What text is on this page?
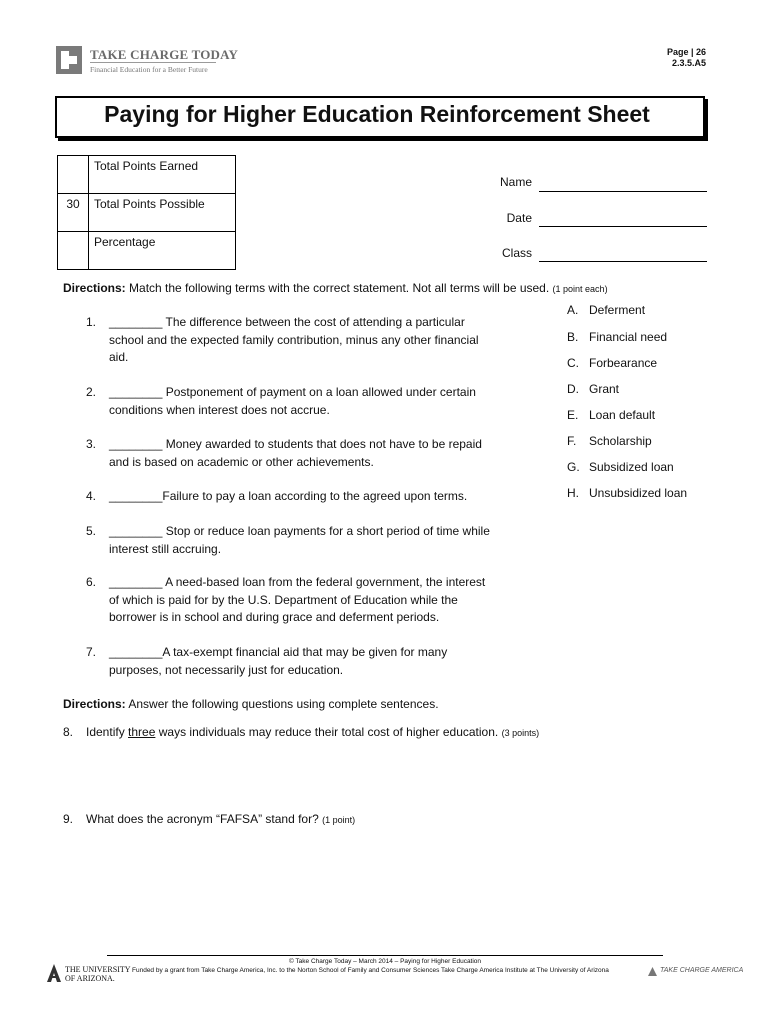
TAKE CHARGE TODAY
Financial Education for a Better Future
Page | 26
2.3.5.A5
Paying for Higher Education Reinforcement Sheet
	Total Points Earned
30	Total Points Possible
	Percentage
Name
Date
Class
Directions: Match the following terms with the correct statement. Not all terms will be used. (1 point each)
1. ________ The difference between the cost of attending a particular
school and the expected family contribution, minus any other financial
aid.
2. ________ Postponement of payment on a loan allowed under certain
conditions when interest does not accrue.
3. ________ Money awarded to students that does not have to be repaid
and is based on academic or other achievements.
4. ________Failure to pay a loan according to the agreed upon terms.
5. ________ Stop or reduce loan payments for a short period of time while
interest still accruing.
6. ________ A need-based loan from the federal government, the interest
of which is paid for by the U.S. Department of Education while the
borrower is in school and during grace and deferment periods.
7. ________A tax-exempt financial aid that may be given for many
purposes, not necessarily just for education.
A. Deferment
B. Financial need
C. Forbearance
D. Grant
E. Loan default
F. Scholarship
G. Subsidized loan
H. Unsubsidized loan
Directions: Answer the following questions using complete sentences.
8.	Identify three ways individuals may reduce their total cost of higher education. (3 points)
9.	What does the acronym “FAFSA” stand for? (1 point)
© Take Charge Today – March 2014 – Paying for Higher Education
Funded by a grant from Take Charge America, Inc. to the Norton School of Family and Consumer Sciences Take Charge America Institute at The University of Arizona
THE UNIVERSITY
OF ARIZONA.
TAKE CHARGE AMERICA
